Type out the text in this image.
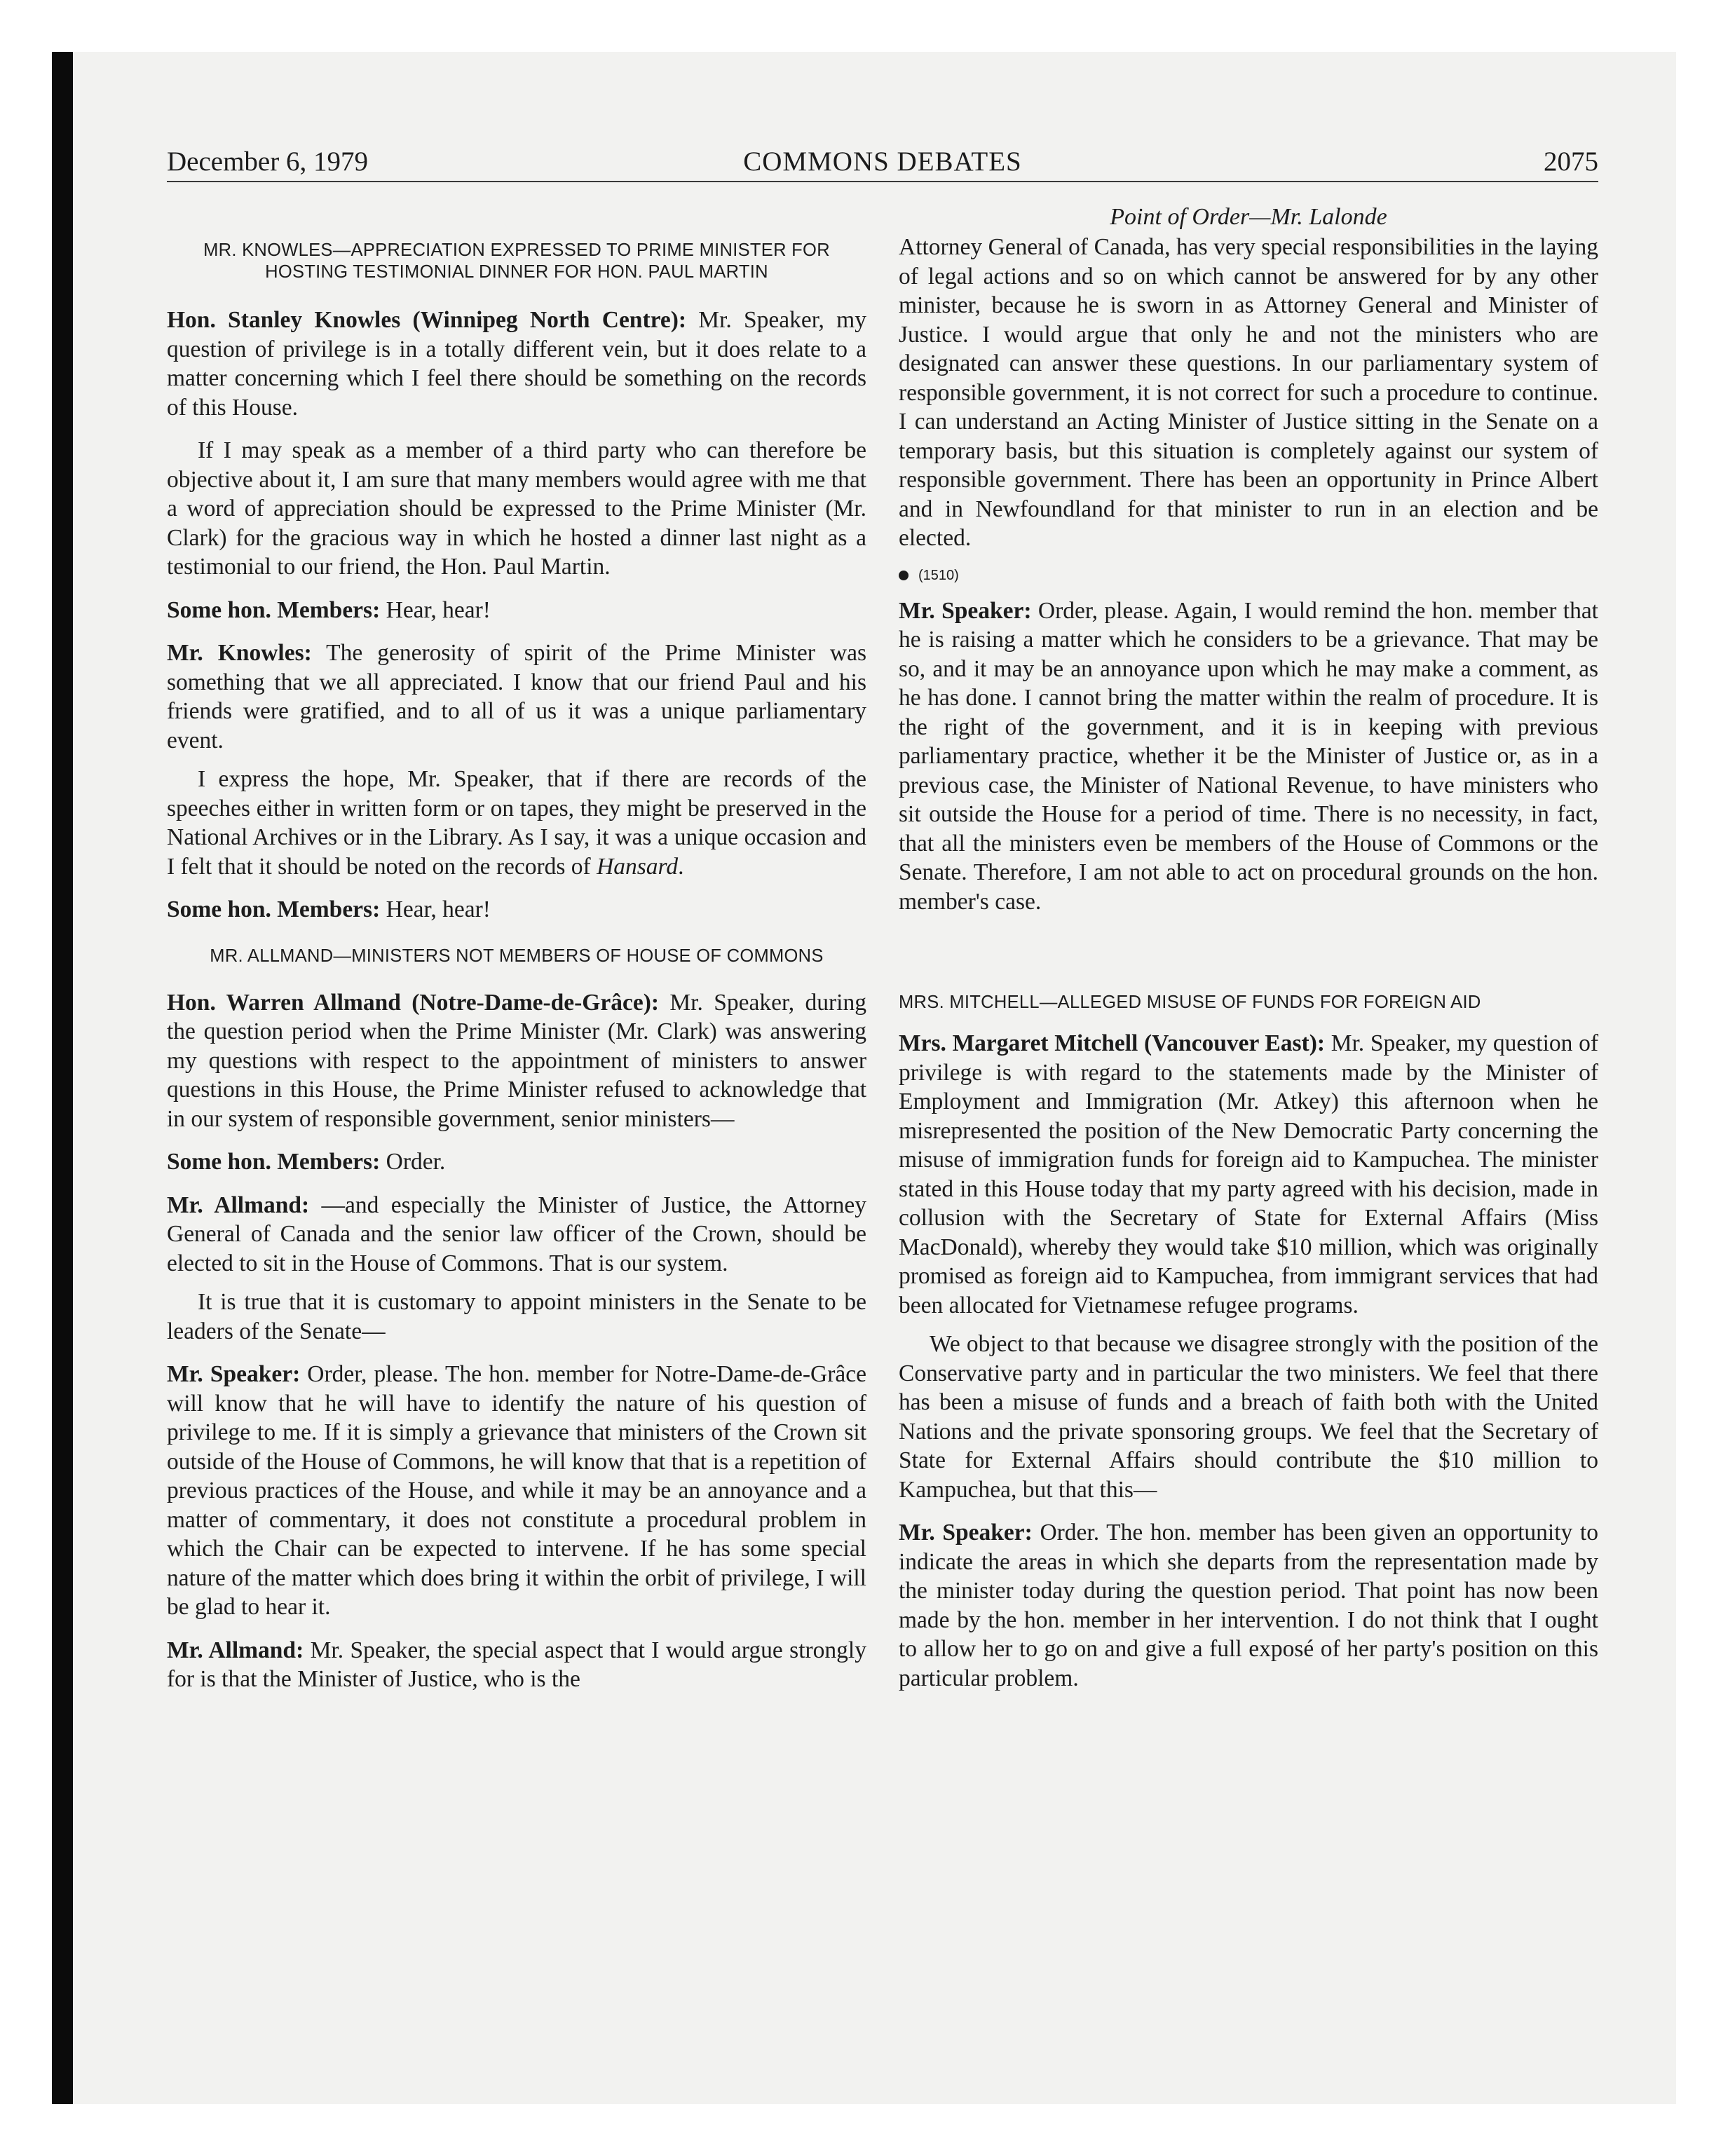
December 6, 1979	COMMONS DEBATES	2075

MR. KNOWLES—APPRECIATION EXPRESSED TO PRIME MINISTER FOR HOSTING TESTIMONIAL DINNER FOR HON. PAUL MARTIN

Hon. Stanley Knowles (Winnipeg North Centre): Mr. Speaker, my question of privilege is in a totally different vein, but it does relate to a matter concerning which I feel there should be something on the records of this House.

If I may speak as a member of a third party who can therefore be objective about it, I am sure that many members would agree with me that a word of appreciation should be expressed to the Prime Minister (Mr. Clark) for the gracious way in which he hosted a dinner last night as a testimonial to our friend, the Hon. Paul Martin.

Some hon. Members: Hear, hear!

Mr. Knowles: The generosity of spirit of the Prime Minister was something that we all appreciated. I know that our friend Paul and his friends were gratified, and to all of us it was a unique parliamentary event.

I express the hope, Mr. Speaker, that if there are records of the speeches either in written form or on tapes, they might be preserved in the National Archives or in the Library. As I say, it was a unique occasion and I felt that it should be noted on the records of Hansard.

Some hon. Members: Hear, hear!

MR. ALLMAND—MINISTERS NOT MEMBERS OF HOUSE OF COMMONS

Hon. Warren Allmand (Notre-Dame-de-Grâce): Mr. Speaker, during the question period when the Prime Minister (Mr. Clark) was answering my questions with respect to the appointment of ministers to answer questions in this House, the Prime Minister refused to acknowledge that in our system of responsible government, senior ministers—

Some hon. Members: Order.

Mr. Allmand: —and especially the Minister of Justice, the Attorney General of Canada and the senior law officer of the Crown, should be elected to sit in the House of Commons. That is our system.

It is true that it is customary to appoint ministers in the Senate to be leaders of the Senate—

Mr. Speaker: Order, please. The hon. member for Notre-Dame-de-Grâce will know that he will have to identify the nature of his question of privilege to me. If it is simply a grievance that ministers of the Crown sit outside of the House of Commons, he will know that that is a repetition of previous practices of the House, and while it may be an annoyance and a matter of commentary, it does not constitute a procedural problem in which the Chair can be expected to intervene. If he has some special nature of the matter which does bring it within the orbit of privilege, I will be glad to hear it.

Mr. Allmand: Mr. Speaker, the special aspect that I would argue strongly for is that the Minister of Justice, who is the

Point of Order—Mr. Lalonde

Attorney General of Canada, has very special responsibilities in the laying of legal actions and so on which cannot be answered for by any other minister, because he is sworn in as Attorney General and Minister of Justice. I would argue that only he and not the ministers who are designated can answer these questions. In our parliamentary system of responsible government, it is not correct for such a procedure to continue. I can understand an Acting Minister of Justice sitting in the Senate on a temporary basis, but this situation is completely against our system of responsible government. There has been an opportunity in Prince Albert and in Newfoundland for that minister to run in an election and be elected.

(1510)

Mr. Speaker: Order, please. Again, I would remind the hon. member that he is raising a matter which he considers to be a grievance. That may be so, and it may be an annoyance upon which he may make a comment, as he has done. I cannot bring the matter within the realm of procedure. It is the right of the government, and it is in keeping with previous parliamentary practice, whether it be the Minister of Justice or, as in a previous case, the Minister of National Revenue, to have ministers who sit outside the House for a period of time. There is no necessity, in fact, that all the ministers even be members of the House of Commons or the Senate. Therefore, I am not able to act on procedural grounds on the hon. member's case.

MRS. MITCHELL—ALLEGED MISUSE OF FUNDS FOR FOREIGN AID

Mrs. Margaret Mitchell (Vancouver East): Mr. Speaker, my question of privilege is with regard to the statements made by the Minister of Employment and Immigration (Mr. Atkey) this afternoon when he misrepresented the position of the New Democratic Party concerning the misuse of immigration funds for foreign aid to Kampuchea. The minister stated in this House today that my party agreed with his decision, made in collusion with the Secretary of State for External Affairs (Miss MacDonald), whereby they would take $10 million, which was originally promised as foreign aid to Kampuchea, from immigrant services that had been allocated for Vietnamese refugee programs.

We object to that because we disagree strongly with the position of the Conservative party and in particular the two ministers. We feel that there has been a misuse of funds and a breach of faith both with the United Nations and the private sponsoring groups. We feel that the Secretary of State for External Affairs should contribute the $10 million to Kampuchea, but that this—

Mr. Speaker: Order. The hon. member has been given an opportunity to indicate the areas in which she departs from the representation made by the minister today during the question period. That point has now been made by the hon. member in her intervention. I do not think that I ought to allow her to go on and give a full exposé of her party's position on this particular problem.
